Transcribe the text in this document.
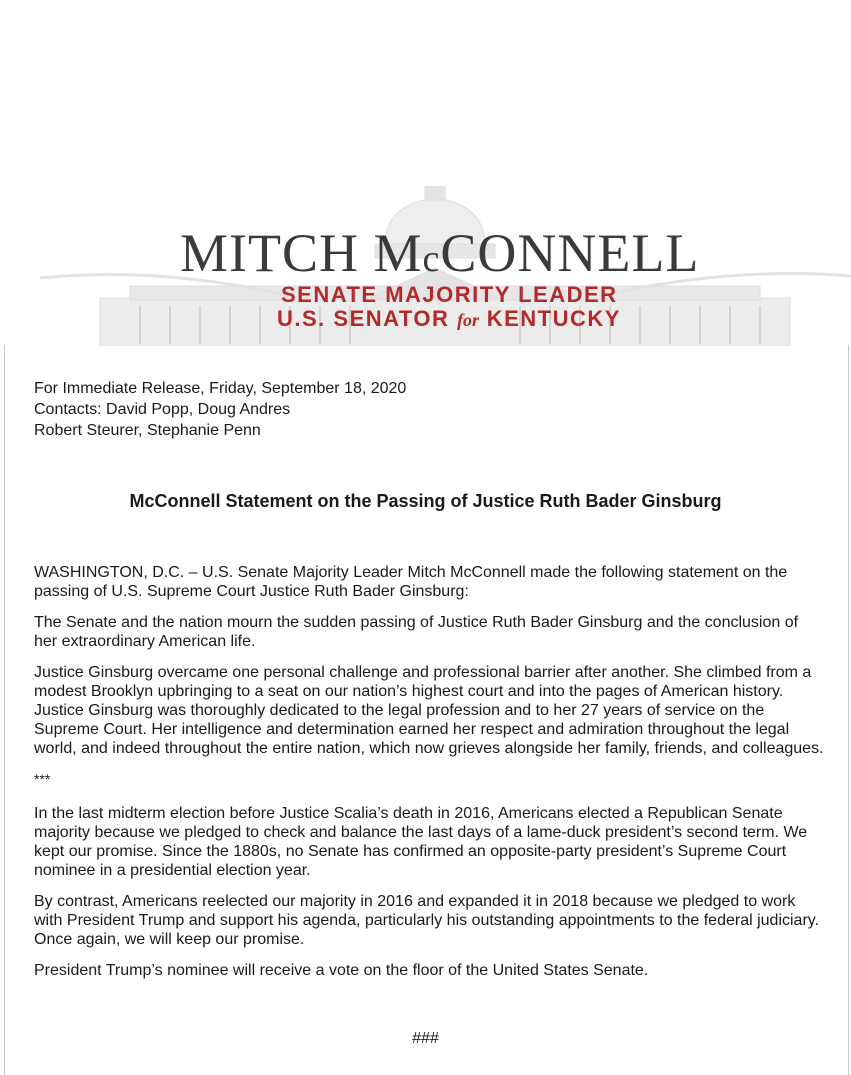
MITCH McCONNELL
SENATE MAJORITY LEADER
U.S. SENATOR for KENTUCKY
For Immediate Release, Friday, September 18, 2020
Contacts: David Popp, Doug Andres
Robert Steurer, Stephanie Penn
McConnell Statement on the Passing of Justice Ruth Bader Ginsburg

WASHINGTON, D.C. – U.S. Senate Majority Leader Mitch McConnell made the following statement on the passing of U.S. Supreme Court Justice Ruth Bader Ginsburg:

The Senate and the nation mourn the sudden passing of Justice Ruth Bader Ginsburg and the conclusion of her extraordinary American life.

Justice Ginsburg overcame one personal challenge and professional barrier after another. She climbed from a modest Brooklyn upbringing to a seat on our nation’s highest court and into the pages of American history. Justice Ginsburg was thoroughly dedicated to the legal profession and to her 27 years of service on the Supreme Court. Her intelligence and determination earned her respect and admiration throughout the legal world, and indeed throughout the entire nation, which now grieves alongside her family, friends, and colleagues.

***

In the last midterm election before Justice Scalia’s death in 2016, Americans elected a Republican Senate majority because we pledged to check and balance the last days of a lame-duck president’s second term. We kept our promise. Since the 1880s, no Senate has confirmed an opposite-party president’s Supreme Court nominee in a presidential election year.

By contrast, Americans reelected our majority in 2016 and expanded it in 2018 because we pledged to work with President Trump and support his agenda, particularly his outstanding appointments to the federal judiciary. Once again, we will keep our promise.

President Trump’s nominee will receive a vote on the floor of the United States Senate.

###
